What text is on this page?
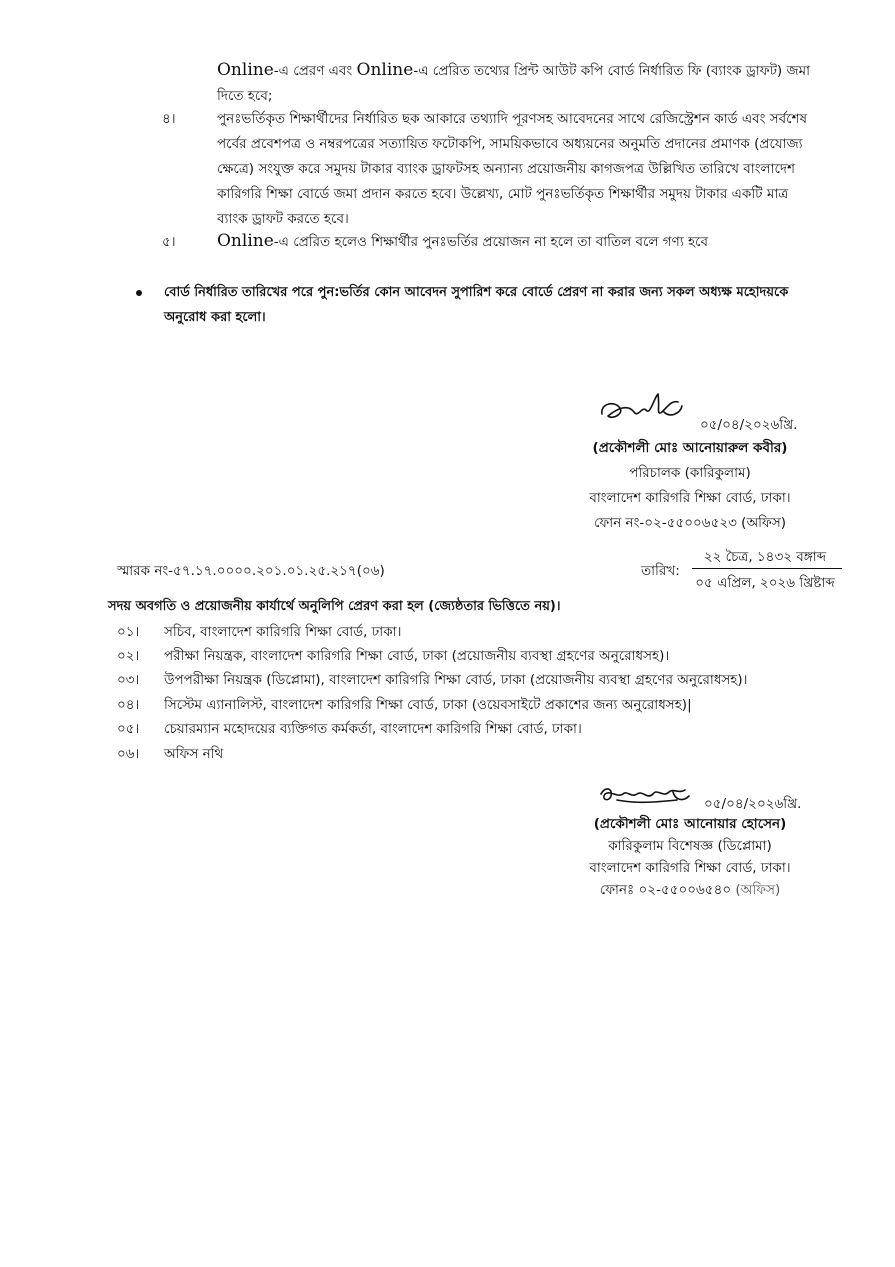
Online-এ প্রেরণ এবং Online-এ প্রেরিত তথ্যের প্রিন্ট আউট কপি বোর্ড নির্ধারিত ফি (ব্যাংক ড্রাফট) জমা
দিতে হবে;
৪।	পুনঃভর্তিকৃত শিক্ষার্থীদের নির্ধারিত ছক আকারে তথ্যাদি পূরণসহ আবেদনের সাথে রেজিস্ট্রেশন কার্ড এবং সর্বশেষ
পর্বের প্রবেশপত্র ও নম্বরপত্রের সত্যায়িত ফটোকপি, সাময়িকভাবে অধ্যয়নের অনুমতি প্রদানের প্রমাণক (প্রযোজ্য
ক্ষেত্রে) সংযুক্ত করে সমুদয় টাকার ব্যাংক ড্রাফটসহ অন্যান্য প্রয়োজনীয় কাগজপত্র উল্লিখিত তারিখে বাংলাদেশ
কারিগরি শিক্ষা বোর্ডে জমা প্রদান করতে হবে। উল্লেখ্য, মোট পুনঃভর্তিকৃত শিক্ষার্থীর সমুদয় টাকার একটি মাত্র
ব্যাংক ড্রাফট করতে হবে।
৫। Online-এ প্রেরিত হলেও শিক্ষার্থীর পুনঃভর্তির প্রয়োজন না হলে তা বাতিল বলে গণ্য হবে
বোর্ড নির্ধারিত তারিখের পরে পুন:ভর্তির কোন আবেদন সুপারিশ করে বোর্ডে প্রেরণ না করার জন্য সকল অধ্যক্ষ মহোদয়কে
অনুরোধ করা হলো।
০৫/০৪/২০২৬খ্রি.
(প্রকৌশলী মোঃ আনোয়ারুল কবীর)
পরিচালক (কারিকুলাম)
বাংলাদেশ কারিগরি শিক্ষা বোর্ড, ঢাকা।
ফোন নং-০২-৫৫০০৬৫২৩ (অফিস)
স্মারক নং-৫৭.১৭.০০০০.২০১.০১.২৫.২১৭(০৬)	তারিখ:
২২ চৈত্র, ১৪৩২ বঙ্গাব্দ
০৫ এপ্রিল, ২০২৬ খ্রিষ্টাব্দ
সদয় অবগতি ও প্রয়োজনীয় কার্যার্থে অনুলিপি প্রেরণ করা হল (জ্যেষ্ঠতার ভিত্তিতে নয়)।
০১।	সচিব, বাংলাদেশ কারিগরি শিক্ষা বোর্ড, ঢাকা।
০২।	পরীক্ষা নিয়ন্ত্রক, বাংলাদেশ কারিগরি শিক্ষা বোর্ড, ঢাকা (প্রয়োজনীয় ব্যবস্থা গ্রহণের অনুরোধসহ)।
০৩।	উপপরীক্ষা নিয়ন্ত্রক (ডিপ্লোমা), বাংলাদেশ কারিগরি শিক্ষা বোর্ড, ঢাকা (প্রয়োজনীয় ব্যবস্থা গ্রহণের অনুরোধসহ)।
০৪।	সিস্টেম এ্যানালিস্ট, বাংলাদেশ কারিগরি শিক্ষা বোর্ড, ঢাকা (ওয়েবসাইটে প্রকাশের জন্য অনুরোধসহ)|
০৫।	চেয়ারম্যান মহোদয়ের ব্যক্তিগত কর্মকর্তা, বাংলাদেশ কারিগরি শিক্ষা বোর্ড, ঢাকা।
০৬।	অফিস নথি
০৫/০৪/২০২৬খ্রি.
(প্রকৌশলী মোঃ আনোয়ার হোসেন)
কারিকুলাম বিশেষজ্ঞ (ডিপ্লোমা)
বাংলাদেশ কারিগরি শিক্ষা বোর্ড, ঢাকা।
ফোনঃ ০২-৫৫০০৬৫৪০ (অফিস)
